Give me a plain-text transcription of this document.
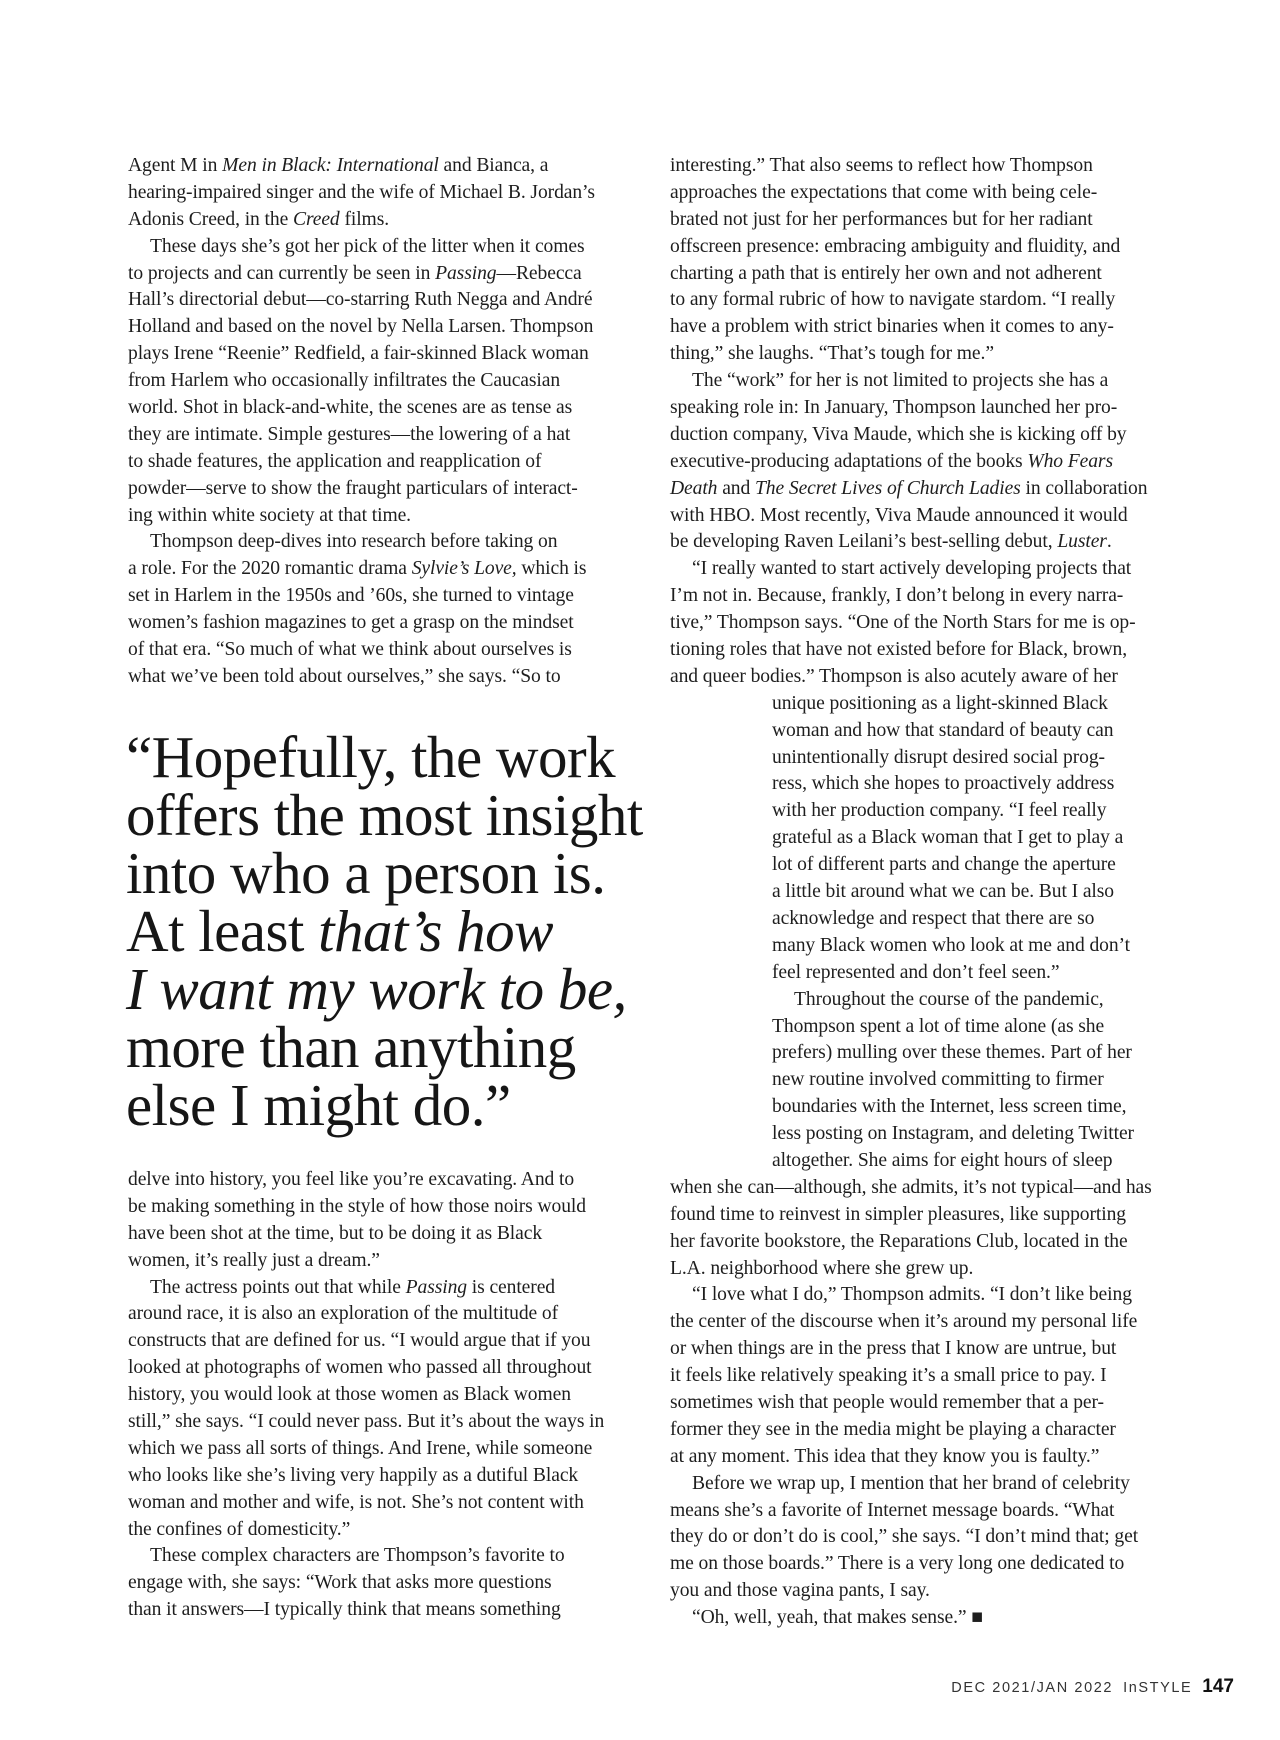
Agent M in Men in Black: International and Bianca, a
hearing-impaired singer and the wife of Michael B. Jordan’s
Adonis Creed, in the Creed films.
These days she’s got her pick of the litter when it comes
to projects and can currently be seen in Passing—Rebecca
Hall’s directorial debut—co-starring Ruth Negga and André
Holland and based on the novel by Nella Larsen. Thompson
plays Irene “Reenie” Redfield, a fair-skinned Black woman
from Harlem who occasionally infiltrates the Caucasian
world. Shot in black-and-white, the scenes are as tense as
they are intimate. Simple gestures—the lowering of a hat
to shade features, the application and reapplication of
powder—serve to show the fraught particulars of interact-
ing within white society at that time.
Thompson deep-dives into research before taking on
a role. For the 2020 romantic drama Sylvie’s Love, which is
set in Harlem in the 1950s and ’60s, she turned to vintage
women’s fashion magazines to get a grasp on the mindset
of that era. “So much of what we think about ourselves is
what we’ve been told about ourselves,” she says. “So to
“Hopefully, the work
offers the most insight
into who a person is.
At least that’s how
I want my work to be,
more than anything
else I might do.”
delve into history, you feel like you’re excavating. And to
be making something in the style of how those noirs would
have been shot at the time, but to be doing it as Black
women, it’s really just a dream.”
The actress points out that while Passing is centered
around race, it is also an exploration of the multitude of
constructs that are defined for us. “I would argue that if you
looked at photographs of women who passed all throughout
history, you would look at those women as Black women
still,” she says. “I could never pass. But it’s about the ways in
which we pass all sorts of things. And Irene, while someone
who looks like she’s living very happily as a dutiful Black
woman and mother and wife, is not. She’s not content with
the confines of domesticity.”
These complex characters are Thompson’s favorite to
engage with, she says: “Work that asks more questions
than it answers—I typically think that means something
interesting.” That also seems to reflect how Thompson
approaches the expectations that come with being cele-
brated not just for her performances but for her radiant
offscreen presence: embracing ambiguity and fluidity, and
charting a path that is entirely her own and not adherent
to any formal rubric of how to navigate stardom. “I really
have a problem with strict binaries when it comes to any-
thing,” she laughs. “That’s tough for me.”
The “work” for her is not limited to projects she has a
speaking role in: In January, Thompson launched her pro-
duction company, Viva Maude, which she is kicking off by
executive-producing adaptations of the books Who Fears
Death and The Secret Lives of Church Ladies in collaboration
with HBO. Most recently, Viva Maude announced it would
be developing Raven Leilani’s best-selling debut, Luster.
“I really wanted to start actively developing projects that
I’m not in. Because, frankly, I don’t belong in every narra-
tive,” Thompson says. “One of the North Stars for me is op-
tioning roles that have not existed before for Black, brown,
and queer bodies.” Thompson is also acutely aware of her
unique positioning as a light-skinned Black
woman and how that standard of beauty can
unintentionally disrupt desired social prog-
ress, which she hopes to proactively address
with her production company. “I feel really
grateful as a Black woman that I get to play a
lot of different parts and change the aperture
a little bit around what we can be. But I also
acknowledge and respect that there are so
many Black women who look at me and don’t
feel represented and don’t feel seen.”
Throughout the course of the pandemic,
Thompson spent a lot of time alone (as she
prefers) mulling over these themes. Part of her
new routine involved committing to firmer
boundaries with the Internet, less screen time,
less posting on Instagram, and deleting Twitter
altogether. She aims for eight hours of sleep
when she can—although, she admits, it’s not typical—and has
found time to reinvest in simpler pleasures, like supporting
her favorite bookstore, the Reparations Club, located in the
L.A. neighborhood where she grew up.
“I love what I do,” Thompson admits. “I don’t like being
the center of the discourse when it’s around my personal life
or when things are in the press that I know are untrue, but
it feels like relatively speaking it’s a small price to pay. I
sometimes wish that people would remember that a per-
former they see in the media might be playing a character
at any moment. This idea that they know you is faulty.”
Before we wrap up, I mention that her brand of celebrity
means she’s a favorite of Internet message boards. “What
they do or don’t do is cool,” she says. “I don’t mind that; get
me on those boards.” There is a very long one dedicated to
you and those vagina pants, I say.
“Oh, well, yeah, that makes sense.” ■
DEC 2021/JAN 2022 InSTYLE 147
